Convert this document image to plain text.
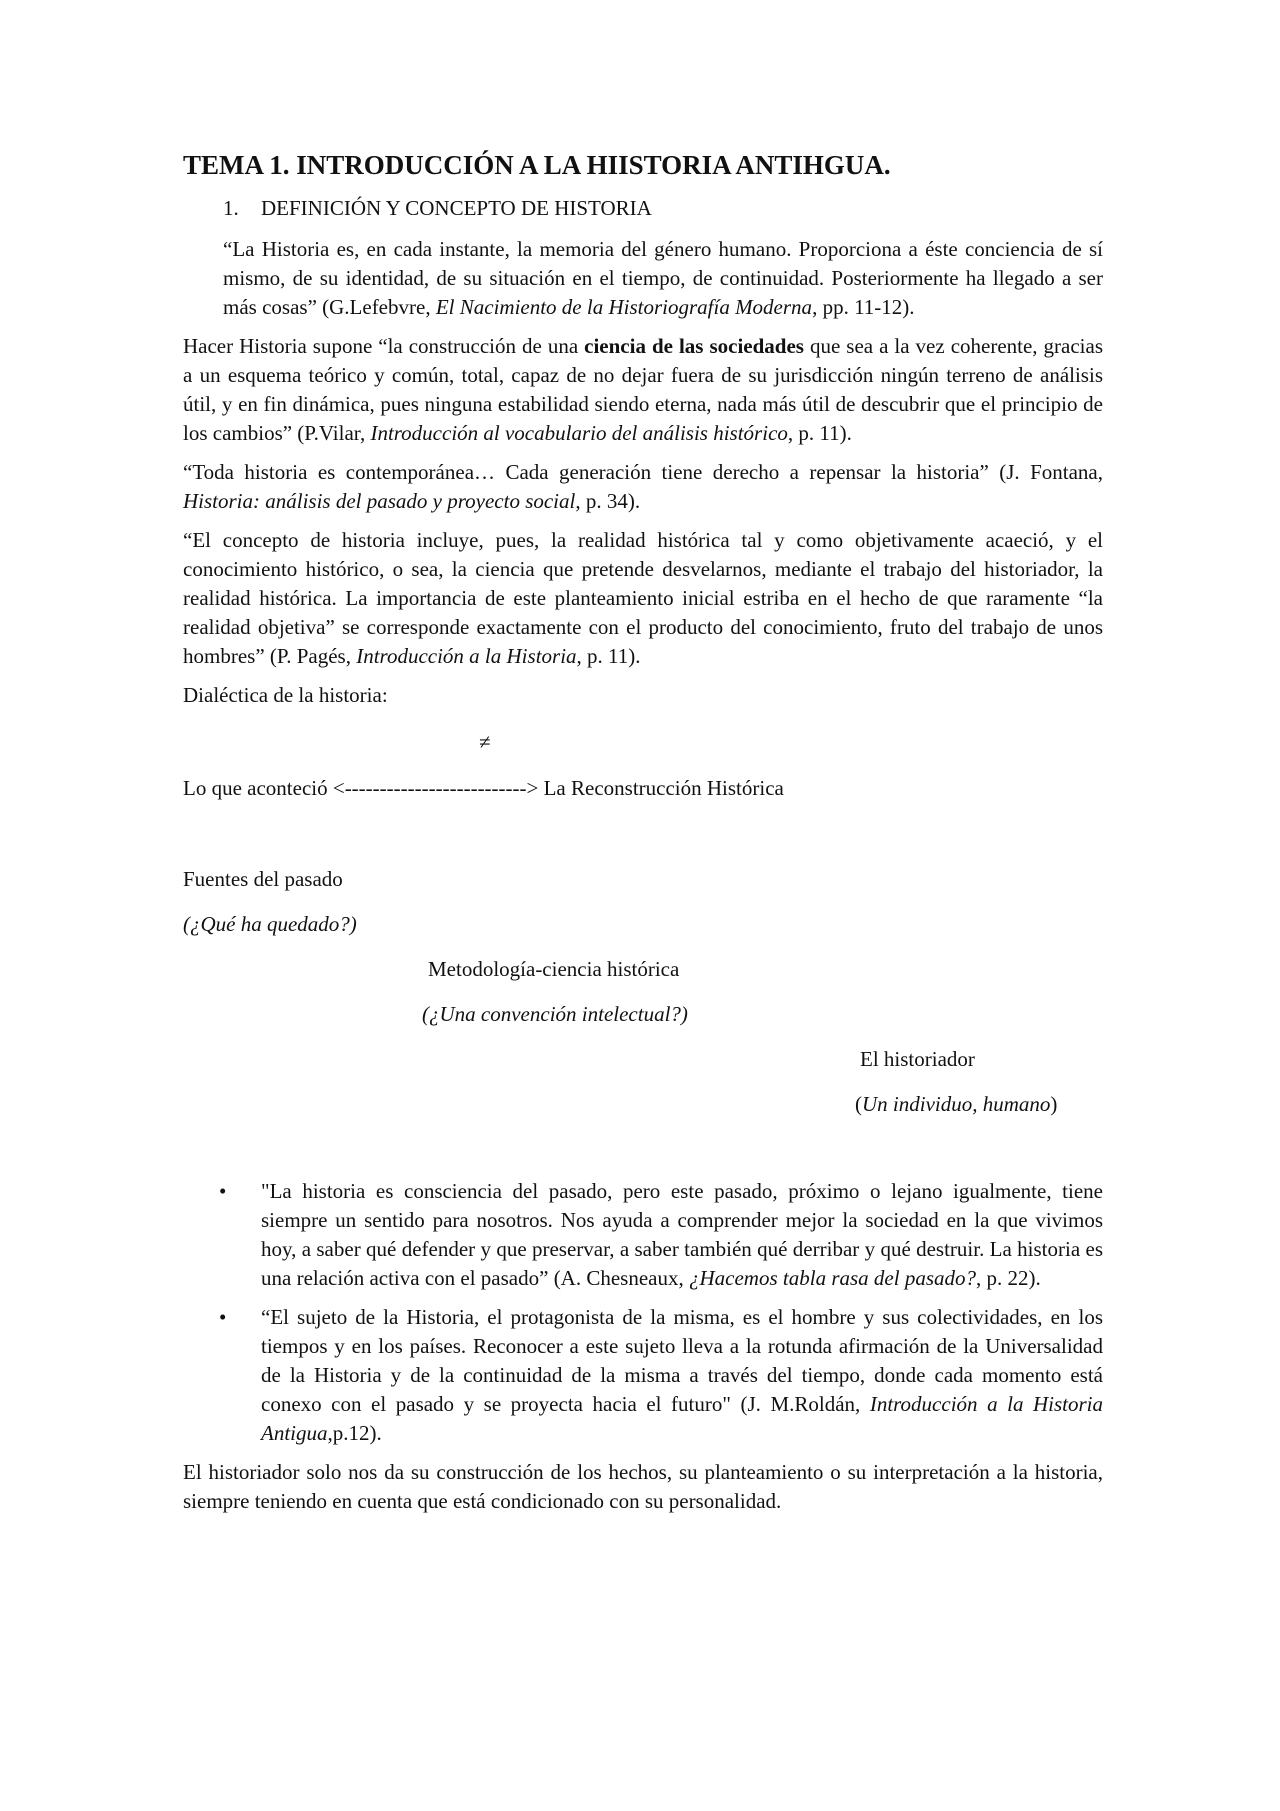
TEMA 1. INTRODUCCIÓN A LA HIISTORIA ANTIHGUA.
1.	DEFINICIÓN Y CONCEPTO DE HISTORIA
“La Historia es, en cada instante, la memoria del género humano. Proporciona a éste conciencia de sí mismo, de su identidad, de su situación en el tiempo, de continuidad. Posteriormente ha llegado a ser más cosas” (G.Lefebvre, El Nacimiento de la Historiografía Moderna, pp. 11-12).

Hacer Historia supone “la construcción de una ciencia de las sociedades que sea a la vez coherente, gracias a un esquema teórico y común, total, capaz de no dejar fuera de su jurisdicción ningún terreno de análisis útil, y en fin dinámica, pues ninguna estabilidad siendo eterna, nada más útil de descubrir que el principio de los cambios” (P.Vilar, Introducción al vocabulario del análisis histórico, p. 11).

“Toda historia es contemporánea… Cada generación tiene derecho a repensar la historia” (J. Fontana, Historia: análisis del pasado y proyecto social, p. 34).

“El concepto de historia incluye, pues, la realidad histórica tal y como objetivamente acaeció, y el conocimiento histórico, o sea, la ciencia que pretende desvelarnos, mediante el trabajo del historiador, la realidad histórica. La importancia de este planteamiento inicial estriba en el hecho de que raramente “la realidad objetiva” se corresponde exactamente con el producto del conocimiento, fruto del trabajo de unos hombres” (P. Pagés, Introducción a la Historia, p. 11).

Dialéctica de la historia:
≠
Lo que aconteció <--------------------------> La Reconstrucción Histórica
Fuentes del pasado
(¿Qué ha quedado?)
Metodología-ciencia histórica
(¿Una convención intelectual?)
El historiador
(Un individuo, humano)
• "La historia es consciencia del pasado, pero este pasado, próximo o lejano igualmente, tiene siempre un sentido para nosotros. Nos ayuda a comprender mejor la sociedad en la que vivimos hoy, a saber qué defender y que preservar, a saber también qué derribar y qué destruir. La historia es una relación activa con el pasado” (A. Chesneaux, ¿Hacemos tabla rasa del pasado?, p. 22).
• “El sujeto de la Historia, el protagonista de la misma, es el hombre y sus colectividades, en los tiempos y en los países. Reconocer a este sujeto lleva a la rotunda afirmación de la Universalidad de la Historia y de la continuidad de la misma a través del tiempo, donde cada momento está conexo con el pasado y se proyecta hacia el futuro" (J. M.Roldán, Introducción a la Historia Antigua,p.12).

El historiador solo nos da su construcción de los hechos, su planteamiento o su interpretación a la historia, siempre teniendo en cuenta que está condicionado con su personalidad.
